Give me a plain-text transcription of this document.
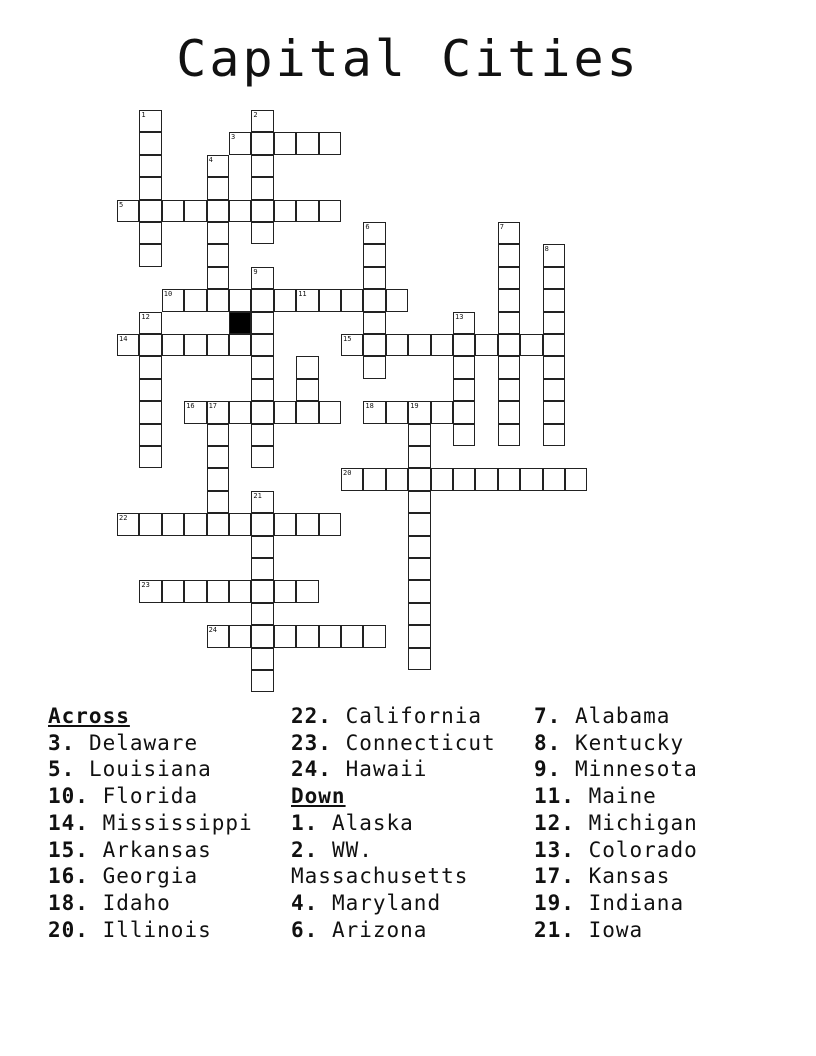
Capital Cities
1	2
3
4
5
6	7
8
9
10	11
12	13
14	15
16 17	18	19
20
21
22
23
24
Across
3. Delaware
5. Louisiana
10. Florida
14. Mississippi
15. Arkansas
16. Georgia
18. Idaho
20. Illinois
22. California
23. Connecticut
24. Hawaii
Down
1. Alaska
2. WW. Massachusetts
4. Maryland
6. Arizona
7. Alabama
8. Kentucky
9. Minnesota
11. Maine
12. Michigan
13. Colorado
17. Kansas
19. Indiana
21. Iowa
